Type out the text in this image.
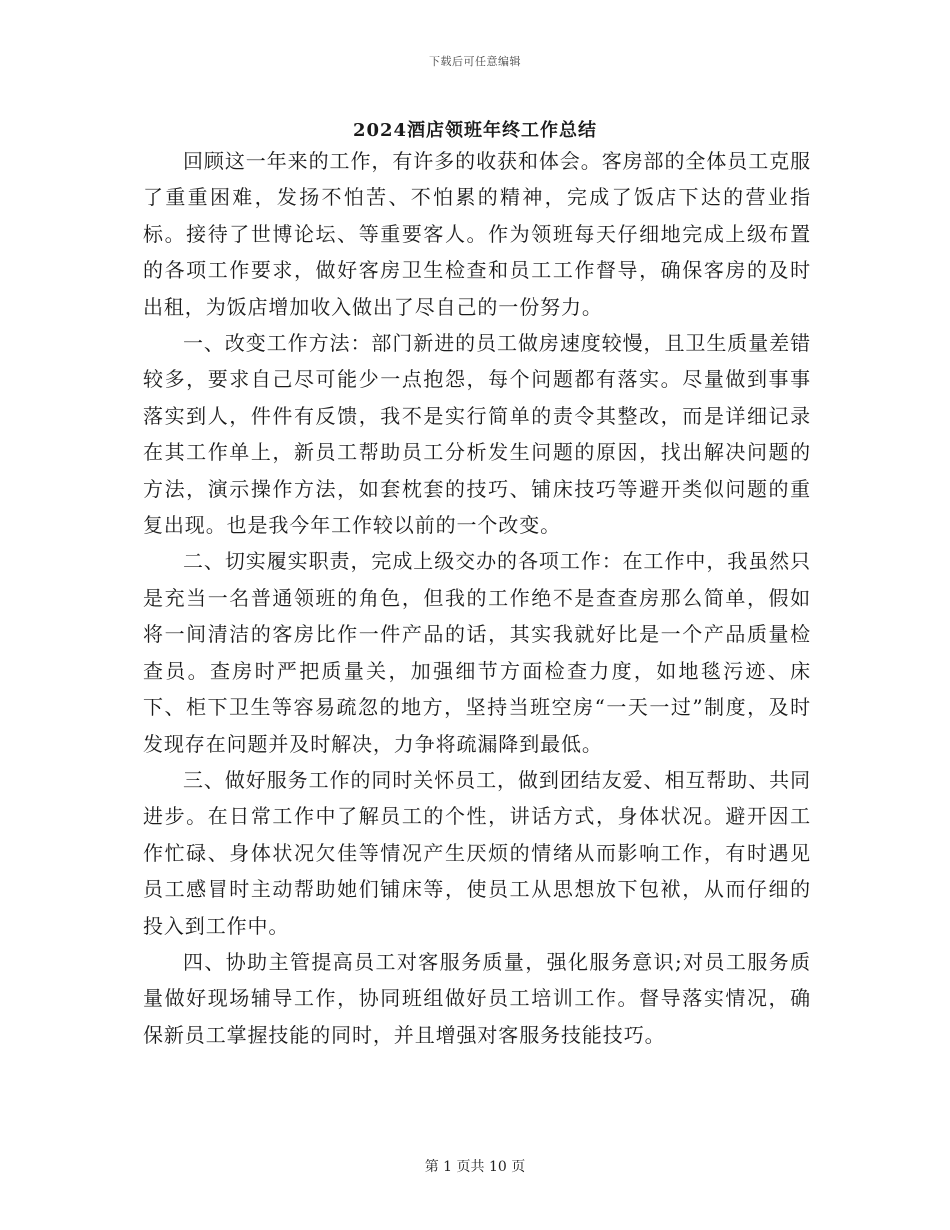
下载后可任意编辑
2024酒店领班年终工作总结

回顾这一年来的工作，有许多的收获和体会。客房部的全体员工克服了重重困难，发扬不怕苦、不怕累的精神，完成了饭店下达的营业指标。接待了世博论坛、等重要客人。作为领班每天仔细地完成上级布置的各项工作要求，做好客房卫生检查和员工工作督导，确保客房的及时出租，为饭店增加收入做出了尽自己的一份努力。

一、改变工作方法：部门新进的员工做房速度较慢，且卫生质量差错较多，要求自己尽可能少一点抱怨，每个问题都有落实。尽量做到事事落实到人，件件有反馈，我不是实行简单的责令其整改，而是详细记录在其工作单上，新员工帮助员工分析发生问题的原因，找出解决问题的方法，演示操作方法，如套枕套的技巧、铺床技巧等避开类似问题的重复出现。也是我今年工作较以前的一个改变。

二、切实履实职责，完成上级交办的各项工作：在工作中，我虽然只是充当一名普通领班的角色，但我的工作绝不是查查房那么简单，假如将一间清洁的客房比作一件产品的话，其实我就好比是一个产品质量检查员。查房时严把质量关，加强细节方面检查力度，如地毯污迹、床下、柜下卫生等容易疏忽的地方，坚持当班空房“一天一过”制度，及时发现存在问题并及时解决，力争将疏漏降到最低。

三、做好服务工作的同时关怀员工，做到团结友爱、相互帮助、共同进步。在日常工作中了解员工的个性，讲话方式，身体状况。避开因工作忙碌、身体状况欠佳等情况产生厌烦的情绪从而影响工作，有时遇见员工感冒时主动帮助她们铺床等，使员工从思想放下包袱，从而仔细的投入到工作中。

四、协助主管提高员工对客服务质量，强化服务意识;对员工服务质量做好现场辅导工作，协同班组做好员工培训工作。督导落实情况，确保新员工掌握技能的同时，并且增强对客服务技能技巧。

第 1 页共 10 页
